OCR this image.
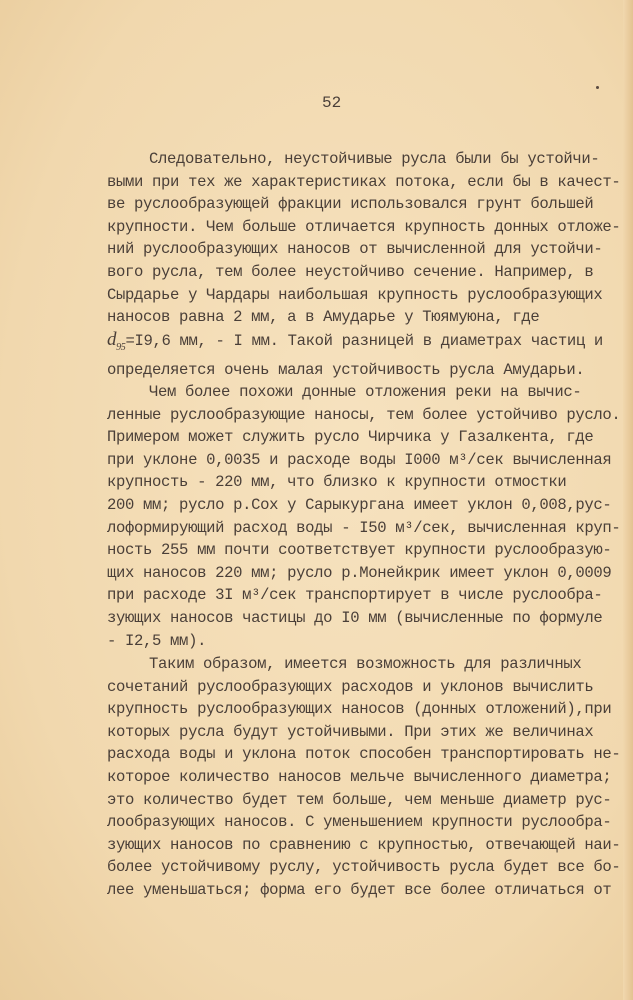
52
Следовательно, неустойчивые русла были бы устойчи-
выми при тех же характеристиках потока, если бы в качест-
ве руслообразующей фракции использовался грунт большей
крупности. Чем больше отличается крупность донных отложе-
ний руслообразующих наносов от вычисленной для устойчи-
вого русла, тем более неустойчиво сечение. Например, в
Сырдарье у Чардары наибольшая крупность руслообразующих
наносов равна 2 мм, а в Амударье у Тюямуюна, где
$d_{95}=I9,6$ мм, - I мм. Такой разницей в диаметрах частиц и
определяется очень малая устойчивость русла Амударьи.
Чем более похожи донные отложения реки на вычис-
ленные руслообразующие наносы, тем более устойчиво русло.
Примером может служить русло Чирчика у Газалкента, где
при уклоне 0,0035 и расходе воды I000 м³/сек вычисленная
крупность - 220 мм, что близко к крупности отмостки
200 мм; русло р.Сох у Сарыкургана имеет уклон 0,008,рус-
лоформирующий расход воды - I50 м³/сек, вычисленная круп-
ность 255 мм почти соответствует крупности руслообразую-
щих наносов 220 мм; русло р.Монейкрик имеет уклон 0,0009
при расходе 3I м³/сек транспортирует в числе руслообра-
зующих наносов частицы до I0 мм (вычисленные по формуле
- I2,5 мм).
Таким образом, имеется возможность для различных
сочетаний руслообразующих расходов и уклонов вычислить
крупность руслообразующих наносов (донных отложений),при
которых русла будут устойчивыми. При этих же величинах
расхода воды и уклона поток способен транспортировать не-
которое количество наносов мельче вычисленного диаметра;
это количество будет тем больше, чем меньше диаметр рус-
лообразующих наносов. С уменьшением крупности руслообра-
зующих наносов по сравнению с крупностью, отвечающей наи-
более устойчивому руслу, устойчивость русла будет все бо-
лее уменьшаться; форма его будет все более отличаться от
